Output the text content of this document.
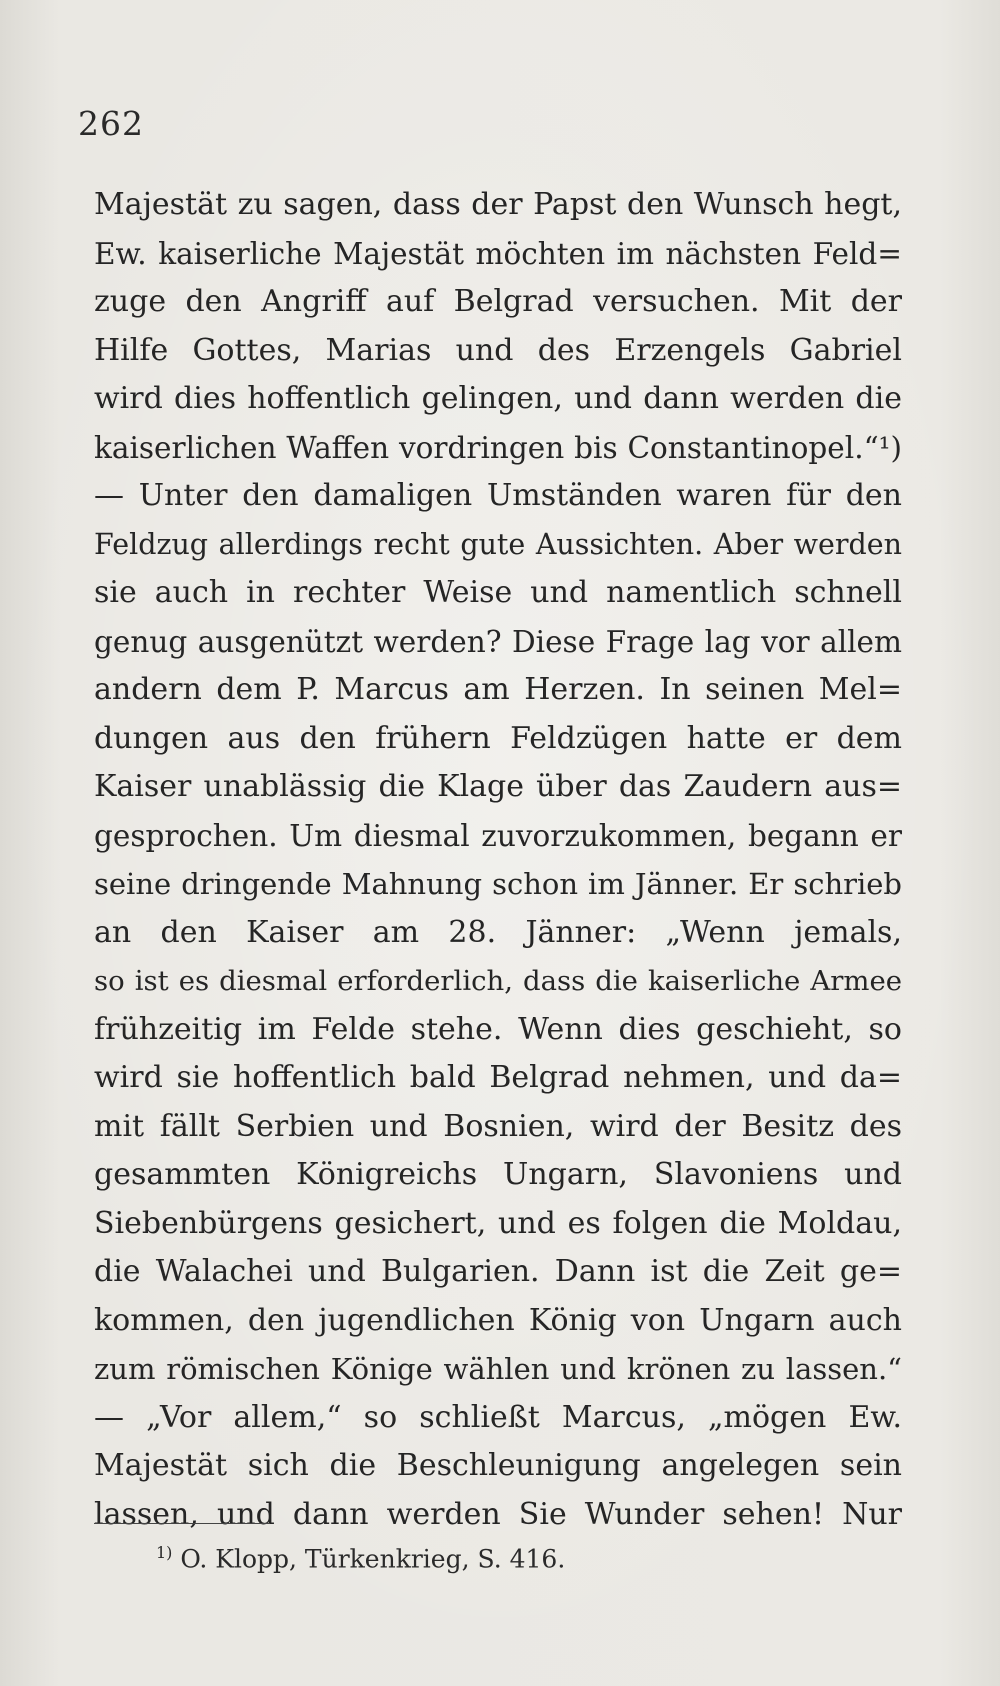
262
Majestät zu sagen, dass der Papst den Wunsch hegt,
Ew. kaiserliche Majestät möchten im nächsten Feld=
zuge den Angriff auf Belgrad versuchen. Mit der
Hilfe Gottes, Marias und des Erzengels Gabriel
wird dies hoffentlich gelingen, und dann werden die
kaiserlichen Waffen vordringen bis Constantinopel.“¹)
— Unter den damaligen Umständen waren für den
Feldzug allerdings recht gute Aussichten. Aber werden
sie auch in rechter Weise und namentlich schnell
genug ausgenützt werden? Diese Frage lag vor allem
andern dem P. Marcus am Herzen. In seinen Mel=
dungen aus den frühern Feldzügen hatte er dem
Kaiser unablässig die Klage über das Zaudern aus=
gesprochen. Um diesmal zuvorzukommen, begann er
seine dringende Mahnung schon im Jänner. Er schrieb
an den Kaiser am 28. Jänner: „Wenn jemals,
so ist es diesmal erforderlich, dass die kaiserliche Armee
frühzeitig im Felde stehe. Wenn dies geschieht, so
wird sie hoffentlich bald Belgrad nehmen, und da=
mit fällt Serbien und Bosnien, wird der Besitz des
gesammten Königreichs Ungarn, Slavoniens und
Siebenbürgens gesichert, und es folgen die Moldau,
die Walachei und Bulgarien. Dann ist die Zeit ge=
kommen, den jugendlichen König von Ungarn auch
zum römischen Könige wählen und krönen zu lassen.“
— „Vor allem,“ so schließt Marcus, „mögen Ew.
Majestät sich die Beschleunigung angelegen sein
lassen, und dann werden Sie Wunder sehen! Nur
$^{1)}$ O. Klopp, Türkenkrieg, S. 416.
